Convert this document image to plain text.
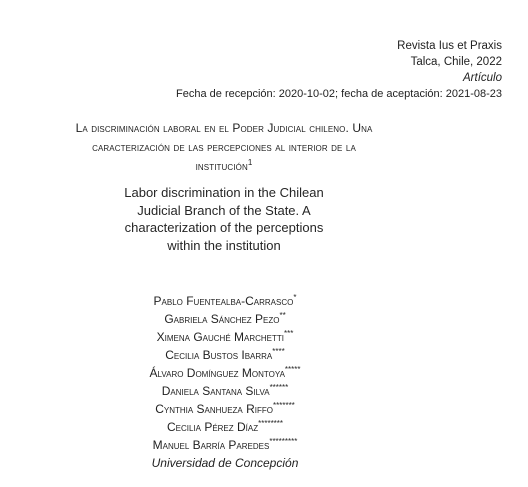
Revista Ius et Praxis
Talca, Chile, 2022
Artículo
Fecha de recepción: 2020-10-02; fecha de aceptación: 2021-08-23
La discriminación laboral en el Poder Judicial chileno. Una
caracterización de las percepciones al interior de la
institución$^1$
Labor discrimination in the Chilean
Judicial Branch of the State. A
characterization of the perceptions
within the institution
Pablo Fuentealba-Carrasco*
Gabriela Sánchez Pezo**
Ximena Gauché Marchetti***
Cecilia Bustos Ibarra****
Álvaro Domínguez Montoya*****
Daniela Santana Silva******
Cynthia Sanhueza Riffo*******
Cecilia Pérez Díaz********
Manuel Barría Paredes*********
Universidad de Concepción
